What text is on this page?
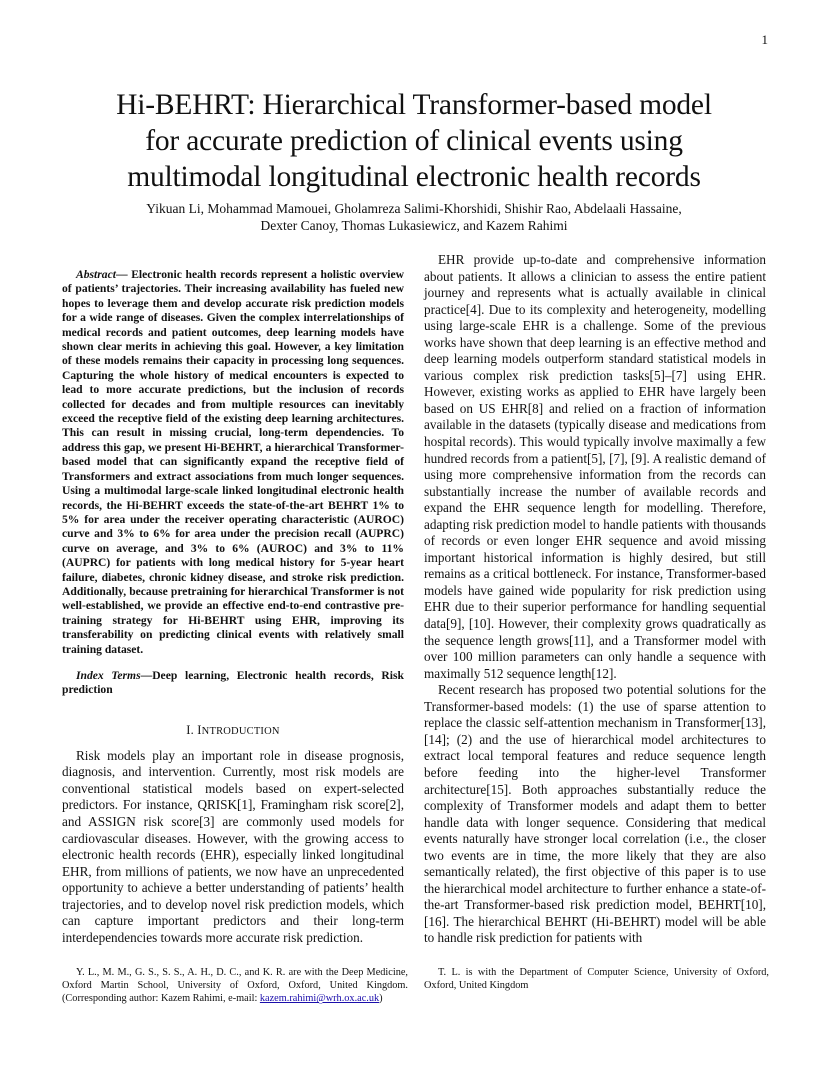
1
Hi-BEHRT: Hierarchical Transformer-based model
for accurate prediction of clinical events using
multimodal longitudinal electronic health records
Yikuan Li, Mohammad Mamouei, Gholamreza Salimi-Khorshidi, Shishir Rao, Abdelaali Hassaine,
Dexter Canoy, Thomas Lukasiewicz, and Kazem Rahimi

Abstract— Electronic health records represent a holistic overview of patients’ trajectories. Their increasing availability has fueled new hopes to leverage them and develop accurate risk prediction models for a wide range of diseases. Given the complex interrelationships of medical records and patient outcomes, deep learning models have shown clear merits in achieving this goal. However, a key limitation of these models remains their capacity in processing long sequences. Capturing the whole history of medical encounters is expected to lead to more accurate predictions, but the inclusion of records collected for decades and from multiple resources can inevitably exceed the receptive field of the existing deep learning architectures. This can result in missing crucial, long-term dependencies. To address this gap, we present Hi-BEHRT, a hierarchical Transformer-based model that can significantly expand the receptive field of Transformers and extract associations from much longer sequences. Using a multimodal large-scale linked longitudinal electronic health records, the Hi-BEHRT exceeds the state-of-the-art BEHRT 1% to 5% for area under the receiver operating characteristic (AUROC) curve and 3% to 6% for area under the precision recall (AUPRC) curve on average, and 3% to 6% (AUROC) and 3% to 11% (AUPRC) for patients with long medical history for 5-year heart failure, diabetes, chronic kidney disease, and stroke risk prediction. Additionally, because pretraining for hierarchical Transformer is not well-established, we provide an effective end-to-end contrastive pre-training strategy for Hi-BEHRT using EHR, improving its transferability on predicting clinical events with relatively small training dataset.

Index Terms—Deep learning, Electronic health records, Risk prediction

I. INTRODUCTION

Risk models play an important role in disease prognosis, diagnosis, and intervention. Currently, most risk models are conventional statistical models based on expert-selected predictors. For instance, QRISK[1], Framingham risk score[2], and ASSIGN risk score[3] are commonly used models for cardiovascular diseases. However, with the growing access to electronic health records (EHR), especially linked longitudinal EHR, from millions of patients, we now have an unprecedented opportunity to achieve a better understanding of patients’ health trajectories, and to develop novel risk prediction models, which can capture important predictors and their long-term interdependencies towards more accurate risk prediction.

EHR provide up-to-date and comprehensive information about patients. It allows a clinician to assess the entire patient journey and represents what is actually available in clinical practice[4]. Due to its complexity and heterogeneity, modelling using large-scale EHR is a challenge. Some of the previous works have shown that deep learning is an effective method and deep learning models outperform standard statistical models in various complex risk prediction tasks[5]–[7] using EHR. However, existing works as applied to EHR have largely been based on US EHR[8] and relied on a fraction of information available in the datasets (typically disease and medications from hospital records). This would typically involve maximally a few hundred records from a patient[5], [7], [9]. A realistic demand of using more comprehensive information from the records can substantially increase the number of available records and expand the EHR sequence length for modelling. Therefore, adapting risk prediction model to handle patients with thousands of records or even longer EHR sequence and avoid missing important historical information is highly desired, but still remains as a critical bottleneck. For instance, Transformer-based models have gained wide popularity for risk prediction using EHR due to their superior performance for handling sequential data[9], [10]. However, their complexity grows quadratically as the sequence length grows[11], and a Transformer model with over 100 million parameters can only handle a sequence with maximally 512 sequence length[12].

Recent research has proposed two potential solutions for the Transformer-based models: (1) the use of sparse attention to replace the classic self-attention mechanism in Transformer[13], [14]; (2) and the use of hierarchical model architectures to extract local temporal features and reduce sequence length before feeding into the higher-level Transformer architecture[15]. Both approaches substantially reduce the complexity of Transformer models and adapt them to better handle data with longer sequence. Considering that medical events naturally have stronger local correlation (i.e., the closer two events are in time, the more likely that they are also semantically related), the first objective of this paper is to use the hierarchical model architecture to further enhance a state-of-the-art Transformer-based risk prediction model, BEHRT[10], [16]. The hierarchical BEHRT (Hi-BEHRT) model will be able to handle risk prediction for patients with

Y. L., M. M., G. S., S. S., A. H., D. C., and K. R. are with the Deep Medicine, Oxford Martin School, University of Oxford, Oxford, United Kingdom. (Corresponding author: Kazem Rahimi, e-mail: kazem.rahimi@wrh.ox.ac.uk)
T. L. is with the Department of Computer Science, University of Oxford, Oxford, United Kingdom
